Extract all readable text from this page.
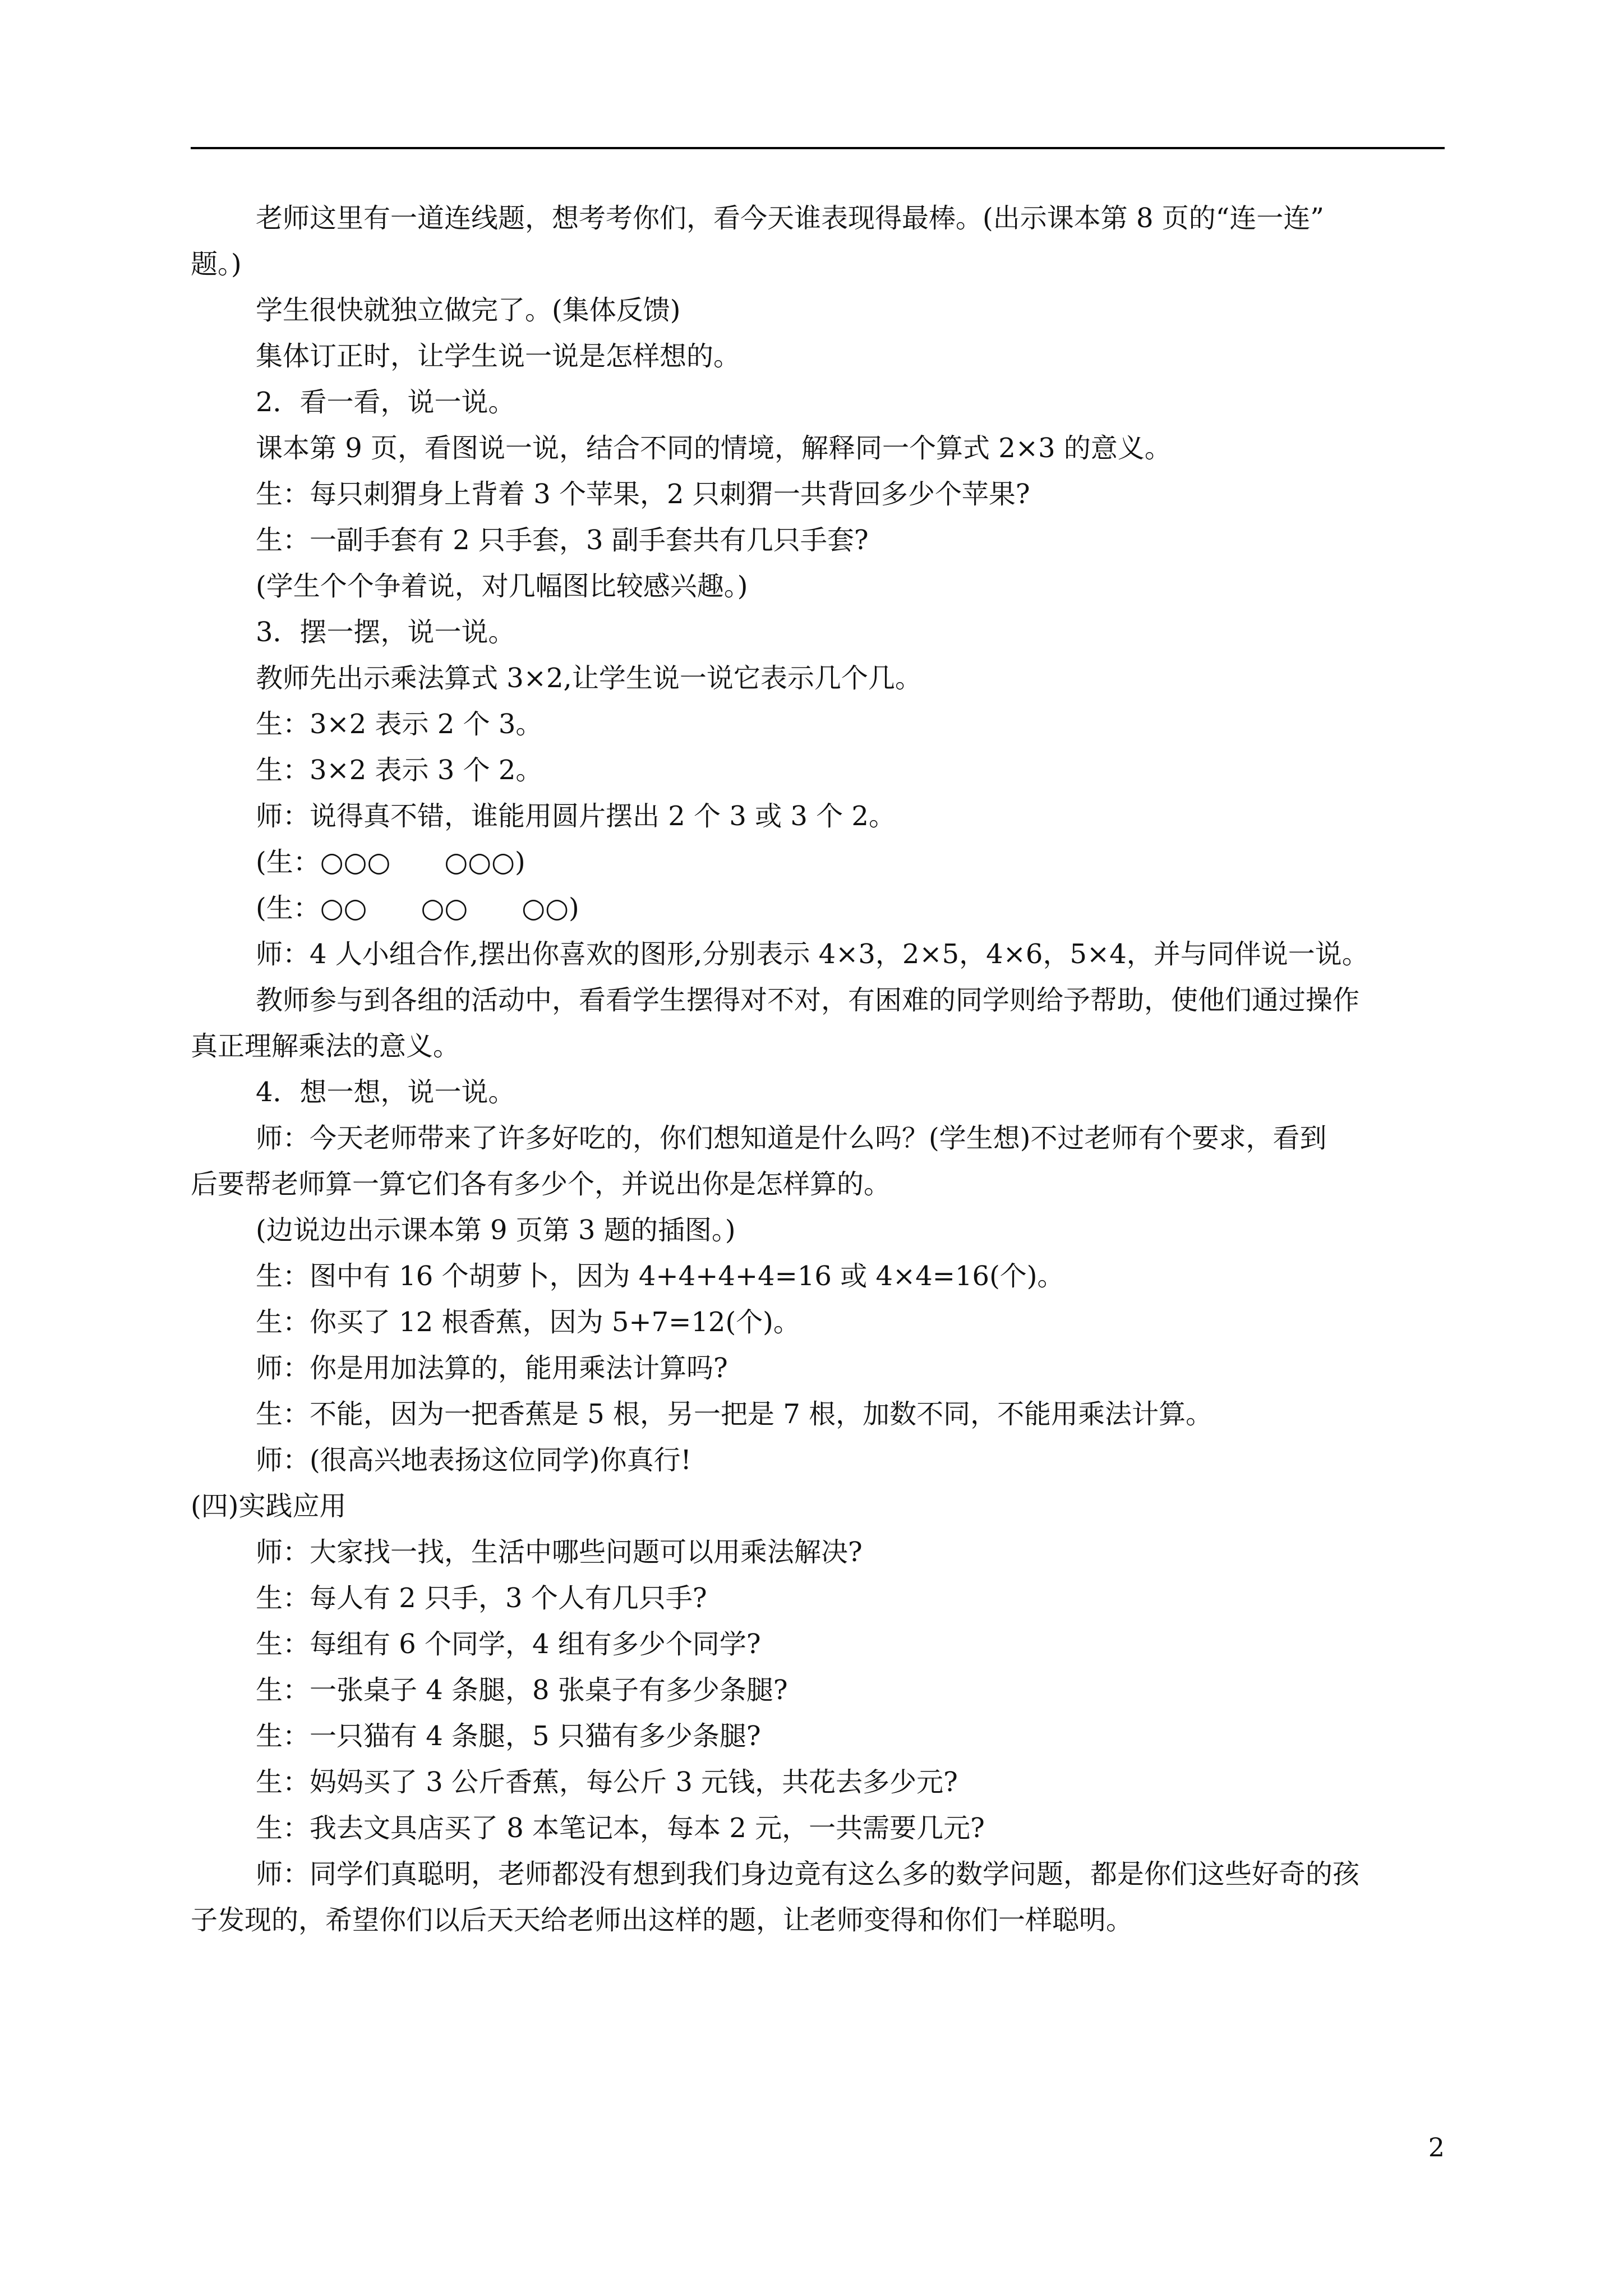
老师这里有一道连线题，想考考你们，看今天谁表现得最棒。(出示课本第 8 页的“连一连”
题。)
学生很快就独立做完了。(集体反馈)
集体订正时，让学生说一说是怎样想的。
2．看一看，说一说。
课本第 9 页，看图说一说，结合不同的情境，解释同一个算式 2×3 的意义。
生：每只刺猬身上背着 3 个苹果，2 只刺猬一共背回多少个苹果?
生：一副手套有 2 只手套，3 副手套共有几只手套?
(学生个个争着说，对几幅图比较感兴趣。)
3．摆一摆，说一说。
教师先出示乘法算式 3×2,让学生说一说它表示几个几。
生：3×2 表示 2 个 3。
生：3×2 表示 3 个 2。
师：说得真不错，谁能用圆片摆出 2 个 3 或 3 个 2。
(生：○○○　　○○○)
(生：○○　　○○　　○○)
师：4 人小组合作,摆出你喜欢的图形,分别表示 4×3，2×5，4×6，5×4，并与同伴说一说。
教师参与到各组的活动中，看看学生摆得对不对，有困难的同学则给予帮助，使他们通过操作
真正理解乘法的意义。
4．想一想，说一说。
师：今天老师带来了许多好吃的，你们想知道是什么吗？(学生想)不过老师有个要求，看到
后要帮老师算一算它们各有多少个，并说出你是怎样算的。
(边说边出示课本第 9 页第 3 题的插图。)
生：图中有 16 个胡萝卜，因为 4+4+4+4=16 或 4×4=16(个)。
生：你买了 12 根香蕉，因为 5+7=12(个)。
师：你是用加法算的，能用乘法计算吗?
生：不能，因为一把香蕉是 5 根，另一把是 7 根，加数不同，不能用乘法计算。
师：(很高兴地表扬这位同学)你真行!
(四)实践应用
师：大家找一找，生活中哪些问题可以用乘法解决?
生：每人有 2 只手，3 个人有几只手?
生：每组有 6 个同学，4 组有多少个同学?
生：一张桌子 4 条腿，8 张桌子有多少条腿?
生：一只猫有 4 条腿，5 只猫有多少条腿?
生：妈妈买了 3 公斤香蕉，每公斤 3 元钱，共花去多少元?
生：我去文具店买了 8 本笔记本，每本 2 元，一共需要几元?
师：同学们真聪明，老师都没有想到我们身边竟有这么多的数学问题，都是你们这些好奇的孩
子发现的，希望你们以后天天给老师出这样的题，让老师变得和你们一样聪明。
2
